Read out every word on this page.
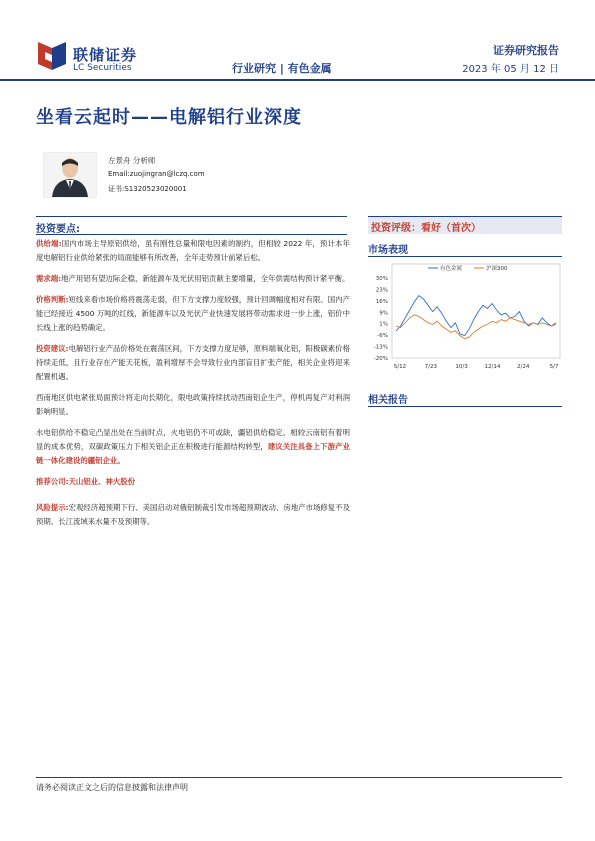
联储证券
LC Securities	行业研究 | 有色金属
证券研究报告
2023 年 05 月 12 日
坐看云起时——电解铝行业深度
左景舟 分析师
Email:zuojingran@lczq.com
证书:S1320523020001
投资要点:

供给端:国内市场主导原铝供给，虽有刚性总量和限电因素的制约，但相较 2022 年，预计本年度电解铝行业供给紧张的局面能够有所改善，全年走势预计前紧后松。

需求端:地产用铝有望边际企稳，新能源车及光伏用铝贡献主要增量，全年供需结构预计紧平衡。

价格判断:短线来看市场价格将震荡走弱，但下方支撑力度较强，预计回调幅度相对有限。国内产能已经接近 4500 万吨的红线，新能源车以及光伏产业快速发展将带动需求进一步上涨，铝价中长线上涨的趋势确定。

投资建议:电解铝行业产品价格处在震荡区间，下方支撑力度足够，原料端氧化铝，阳极碳素价格持续走低，且行业存在产能天花板，盈利增厚不会导致行业内部盲目扩张产能，相关企业将迎来配置机遇。

西南地区供电紧张局面预计将走向长期化，限电政策持续扰动西南铝企生产，停机再复产对利润影响明显。

水电铝供给不稳定凸显出处在当前时点，火电铝仍不可或缺，疆铝供给稳定、相较云南铝有着明显的成本优势，双碳政策压力下相关铝企正在积极进行能源结构转型，建议关注具备上下游产业链一体化建设的疆铝企业。

推荐公司:天山铝业、神火股份

风险提示:宏观经济超预期下行、美国启动对俄铝制裁引发市场超预期波动、房地产市场修复不及预期、长江流域来水量不及预期等。

投资评级：看好（首次）
市场表现
30%
23%
16%
9%
1%
-6%
-13%
-20%
5/12	7/23	10/3	12/14	2/24	5/7
有色金属	沪深300
相关报告
请务必阅读正文之后的信息披露和法律声明
